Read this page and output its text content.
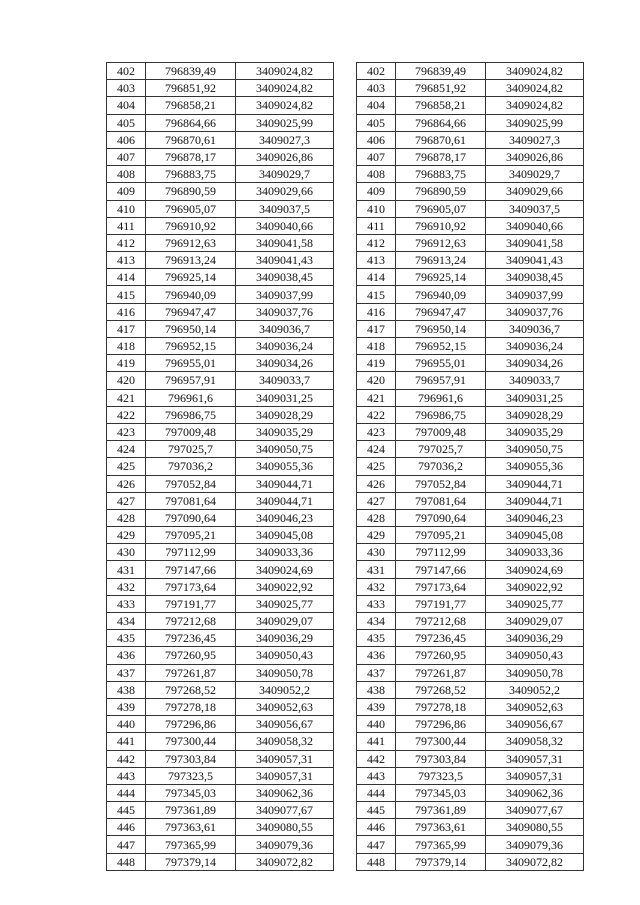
402	796839,49	3409024,82
403	796851,92	3409024,82
404	796858,21	3409024,82
405	796864,66	3409025,99
406	796870,61	3409027,3
407	796878,17	3409026,86
408	796883,75	3409029,7
409	796890,59	3409029,66
410	796905,07	3409037,5
411	796910,92	3409040,66
412	796912,63	3409041,58
413	796913,24	3409041,43
414	796925,14	3409038,45
415	796940,09	3409037,99
416	796947,47	3409037,76
417	796950,14	3409036,7
418	796952,15	3409036,24
419	796955,01	3409034,26
420	796957,91	3409033,7
421	796961,6	3409031,25
422	796986,75	3409028,29
423	797009,48	3409035,29
424	797025,7	3409050,75
425	797036,2	3409055,36
426	797052,84	3409044,71
427	797081,64	3409044,71
428	797090,64	3409046,23
429	797095,21	3409045,08
430	797112,99	3409033,36
431	797147,66	3409024,69
432	797173,64	3409022,92
433	797191,77	3409025,77
434	797212,68	3409029,07
435	797236,45	3409036,29
436	797260,95	3409050,43
437	797261,87	3409050,78
438	797268,52	3409052,2
439	797278,18	3409052,63
440	797296,86	3409056,67
441	797300,44	3409058,32
442	797303,84	3409057,31
443	797323,5	3409057,31
444	797345,03	3409062,36
445	797361,89	3409077,67
446	797363,61	3409080,55
447	797365,99	3409079,36
448	797379,14	3409072,82
402	796839,49	3409024,82
403	796851,92	3409024,82
404	796858,21	3409024,82
405	796864,66	3409025,99
406	796870,61	3409027,3
407	796878,17	3409026,86
408	796883,75	3409029,7
409	796890,59	3409029,66
410	796905,07	3409037,5
411	796910,92	3409040,66
412	796912,63	3409041,58
413	796913,24	3409041,43
414	796925,14	3409038,45
415	796940,09	3409037,99
416	796947,47	3409037,76
417	796950,14	3409036,7
418	796952,15	3409036,24
419	796955,01	3409034,26
420	796957,91	3409033,7
421	796961,6	3409031,25
422	796986,75	3409028,29
423	797009,48	3409035,29
424	797025,7	3409050,75
425	797036,2	3409055,36
426	797052,84	3409044,71
427	797081,64	3409044,71
428	797090,64	3409046,23
429	797095,21	3409045,08
430	797112,99	3409033,36
431	797147,66	3409024,69
432	797173,64	3409022,92
433	797191,77	3409025,77
434	797212,68	3409029,07
435	797236,45	3409036,29
436	797260,95	3409050,43
437	797261,87	3409050,78
438	797268,52	3409052,2
439	797278,18	3409052,63
440	797296,86	3409056,67
441	797300,44	3409058,32
442	797303,84	3409057,31
443	797323,5	3409057,31
444	797345,03	3409062,36
445	797361,89	3409077,67
446	797363,61	3409080,55
447	797365,99	3409079,36
448	797379,14	3409072,82
